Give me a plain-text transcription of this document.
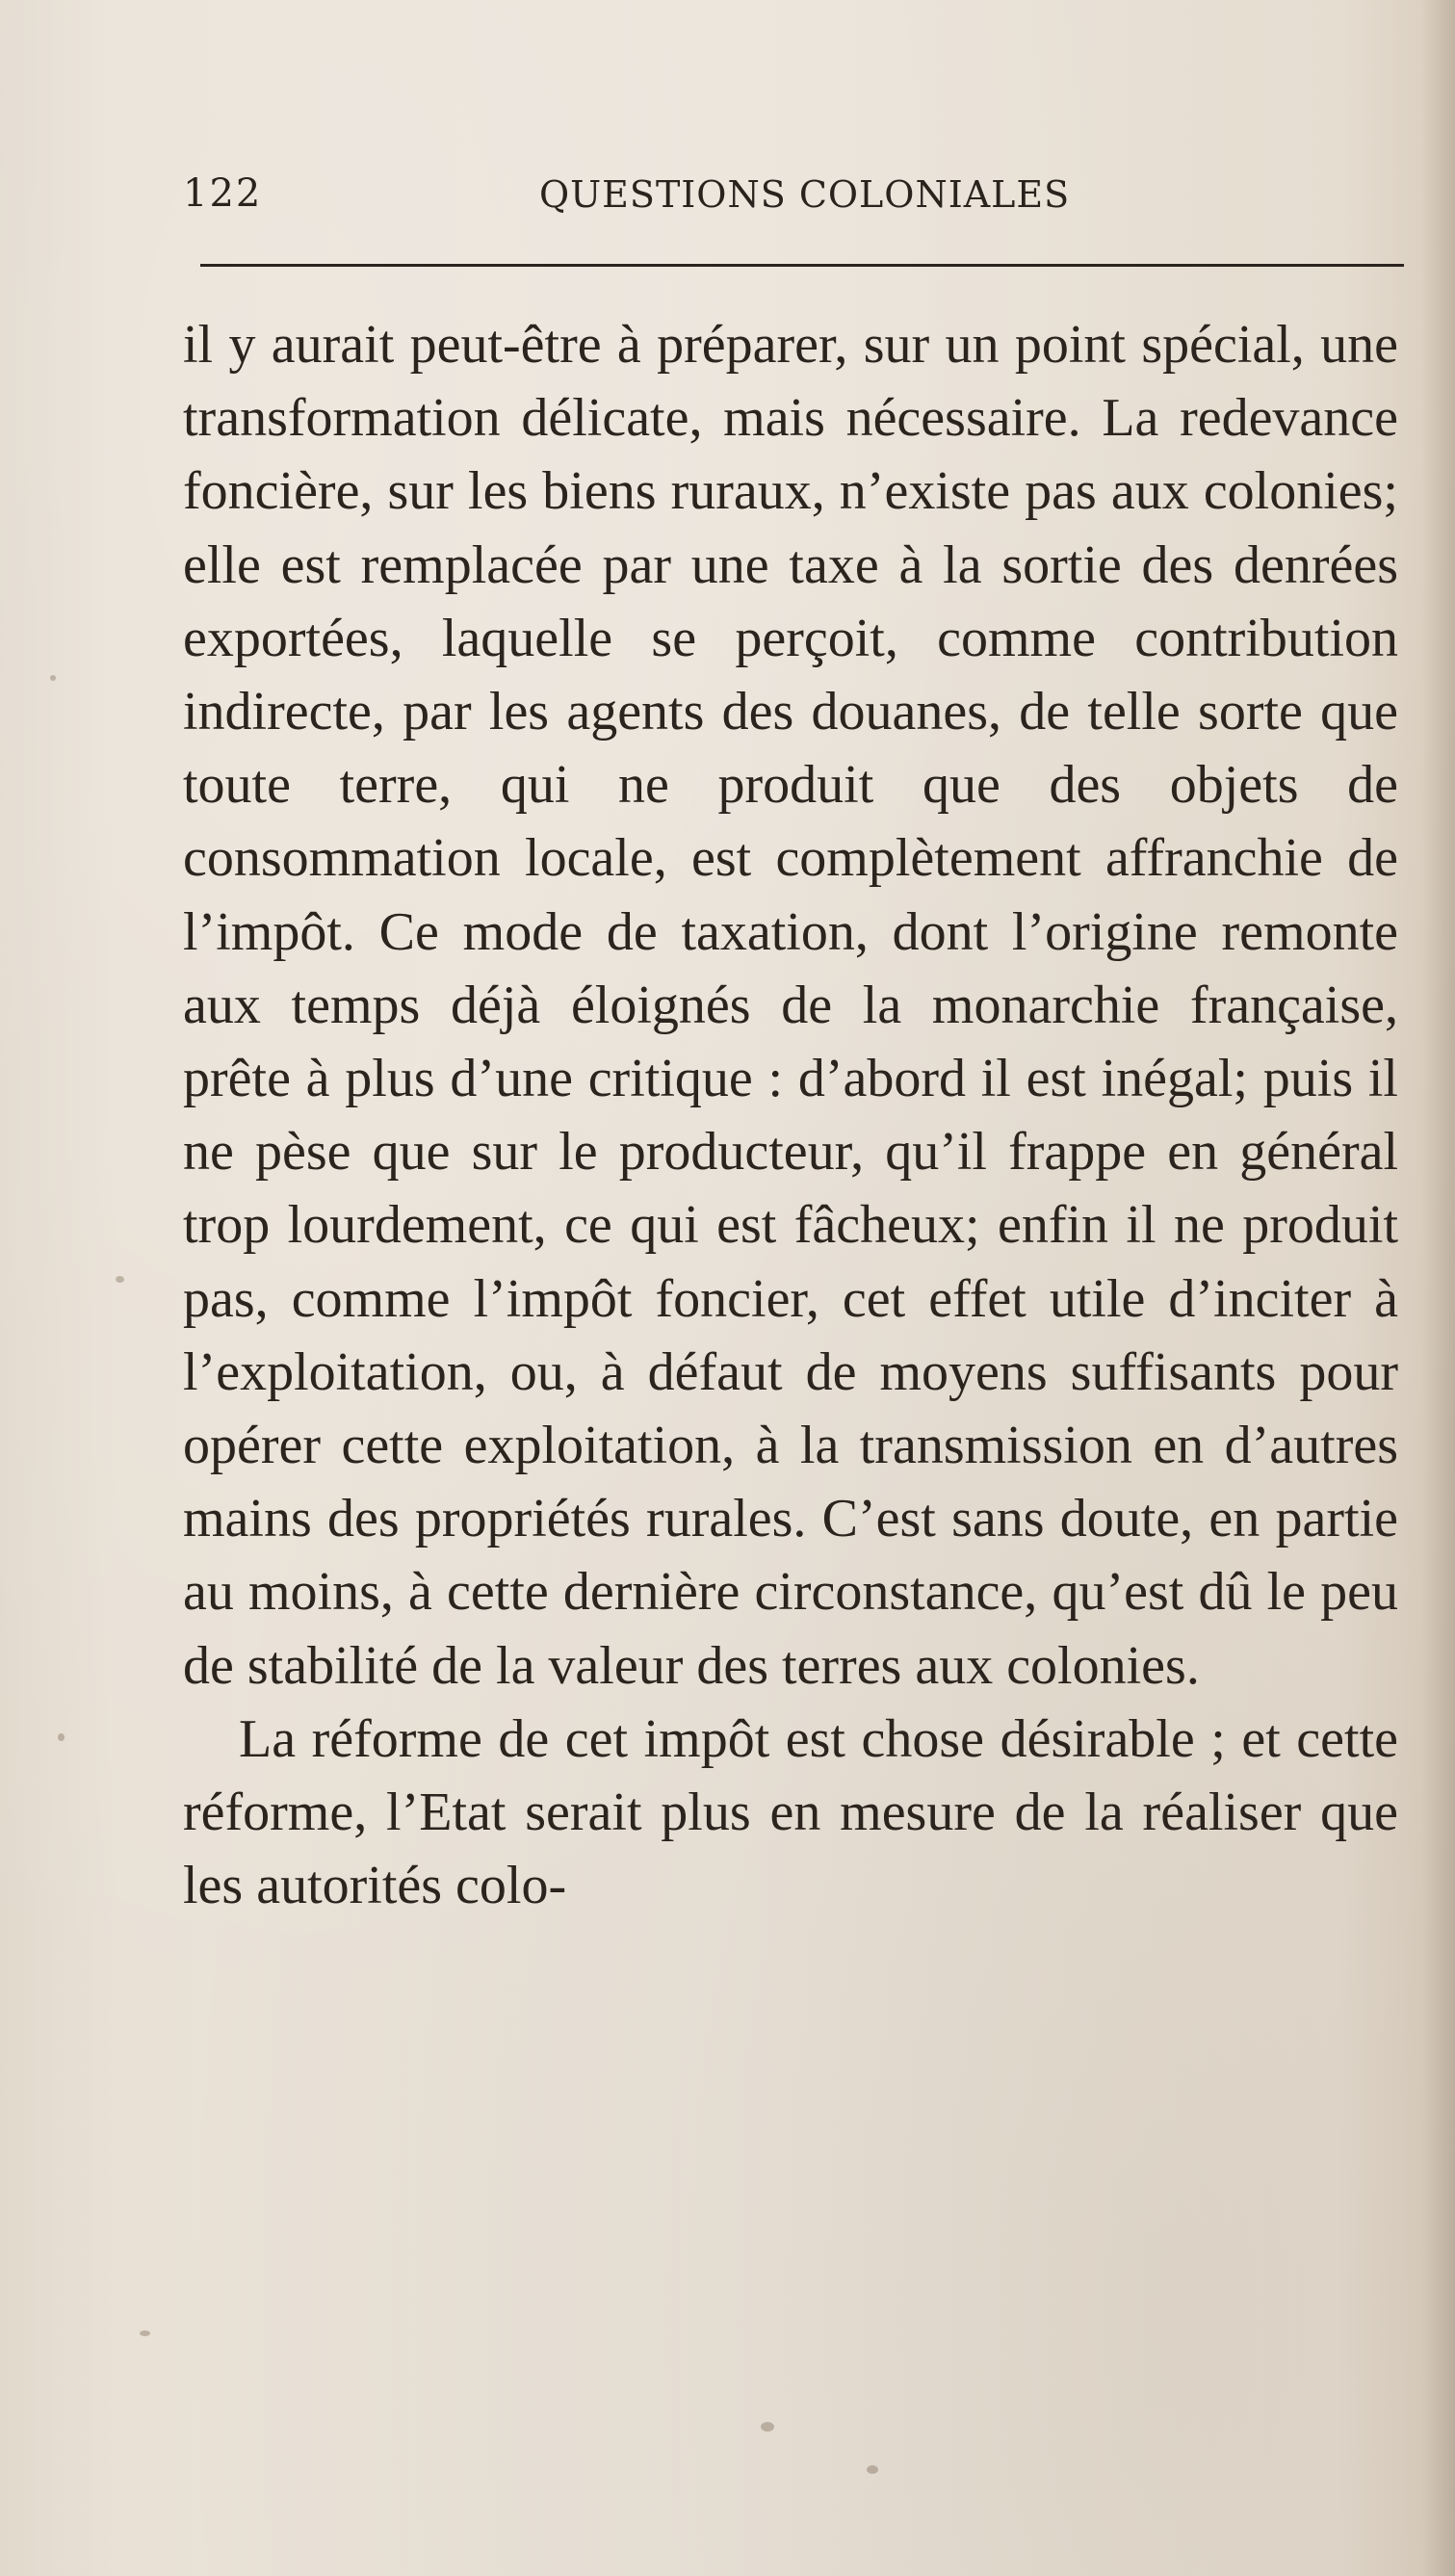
122	QUESTIONS COLONIALES

il y aurait peut-être à préparer, sur un point spécial, une transformation délicate, mais nécessaire. La redevance foncière, sur les biens ruraux, n’existe pas aux colonies; elle est remplacée par une taxe à la sortie des denrées exportées, laquelle se perçoit, comme contribution indirecte, par les agents des douanes, de telle sorte que toute terre, qui ne produit que des objets de consommation locale, est complètement affranchie de l’impôt. Ce mode de taxation, dont l’origine remonte aux temps déjà éloignés de la monarchie française, prête à plus d’une critique : d’abord il est inégal; puis il ne pèse que sur le producteur, qu’il frappe en général trop lourdement, ce qui est fâcheux; enfin il ne produit pas, comme l’impôt foncier, cet effet utile d’inciter à l’exploitation, ou, à défaut de moyens suffisants pour opérer cette exploitation, à la transmission en d’autres mains des propriétés rurales. C’est sans doute, en partie au moins, à cette dernière circonstance, qu’est dû le peu de stabilité de la valeur des terres aux colonies.

La réforme de cet impôt est chose désirable ; et cette réforme, l’Etat serait plus en mesure de la réaliser que les autorités colo-
